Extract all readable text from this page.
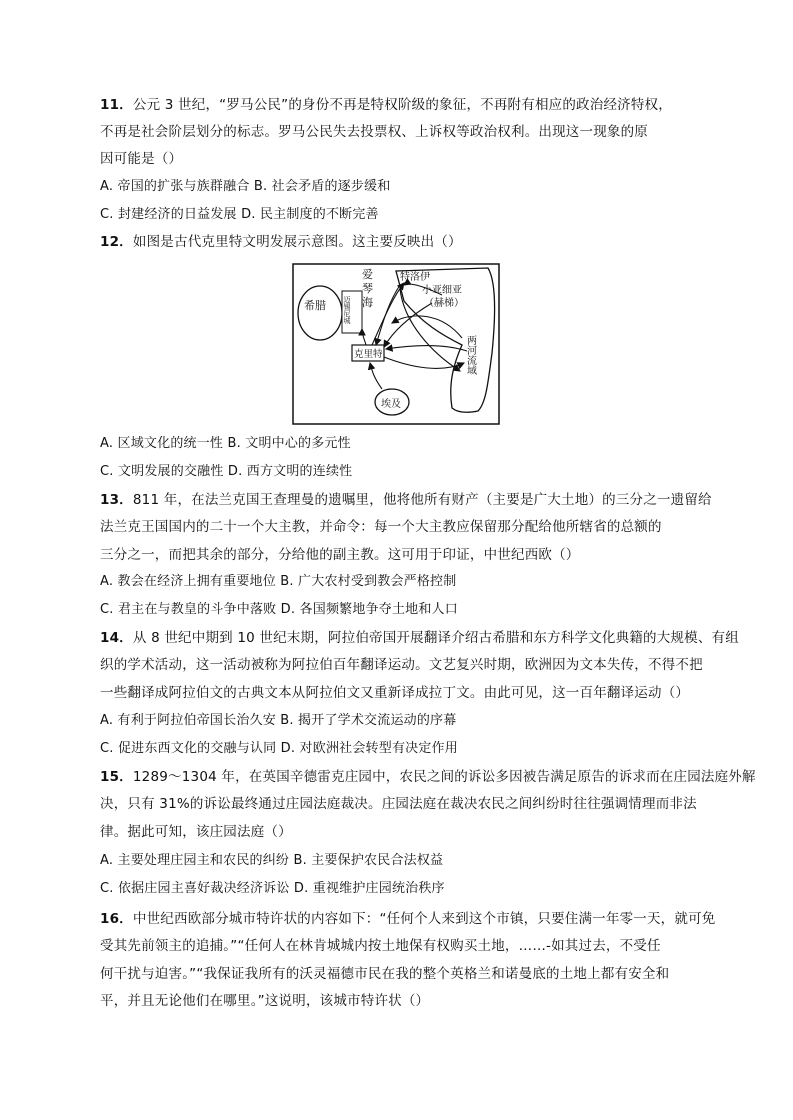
11．公元 3 世纪，“罗马公民”的身份不再是特权阶级的象征，不再附有相应的政治经济特权，
不再是社会阶层划分的标志。罗马公民失去投票权、上诉权等政治权利。出现这一现象的原
因可能是（）
A. 帝国的扩张与族群融合 B. 社会矛盾的逐步缓和
C. 封建经济的日益发展 D. 民主制度的不断完善
12．如图是古代克里特文明发展示意图。这主要反映出（）
希腊 迈锡尼城
爱
琴
海
特洛伊
小亚细亚
（赫梯）
两河流域
克里特
埃及
A. 区域文化的统一性 B. 文明中心的多元性
C. 文明发展的交融性 D. 西方文明的连续性
13．811 年，在法兰克国王查理曼的遗嘱里，他将他所有财产（主要是广大土地）的三分之一遗留给
法兰克王国国内的二十一个大主教，并命令：每一个大主教应保留那分配给他所辖省的总额的
三分之一，而把其余的部分，分给他的副主教。这可用于印证，中世纪西欧（）
A. 教会在经济上拥有重要地位 B. 广大农村受到教会严格控制
C. 君主在与教皇的斗争中落败 D. 各国频繁地争夺土地和人口
14．从 8 世纪中期到 10 世纪末期，阿拉伯帝国开展翻译介绍古希腊和东方科学文化典籍的大规模、有组
织的学术活动，这一活动被称为阿拉伯百年翻译运动。文艺复兴时期，欧洲因为文本失传，不得不把
一些翻译成阿拉伯文的古典文本从阿拉伯文又重新译成拉丁文。由此可见，这一百年翻译运动（）
A. 有利于阿拉伯帝国长治久安 B. 揭开了学术交流运动的序幕
C. 促进东西文化的交融与认同 D. 对欧洲社会转型有决定作用
15．1289～1304 年，在英国辛德雷克庄园中，农民之间的诉讼多因被告满足原告的诉求而在庄园法庭外解
决，只有 31%的诉讼最终通过庄园法庭裁决。庄园法庭在裁决农民之间纠纷时往往强调情理而非法
律。据此可知，该庄园法庭（）
A. 主要处理庄园主和农民的纠纷 B. 主要保护农民合法权益
C. 依据庄园主喜好裁决经济诉讼 D. 重视维护庄园统治秩序
16．中世纪西欧部分城市特许状的内容如下：“任何个人来到这个市镇，只要住满一年零一天，就可免
受其先前领主的追捕。”“任何人在林肯城城内按土地保有权购买土地，……-如其过去，不受任
何干扰与迫害。”“我保证我所有的沃灵福德市民在我的整个英格兰和诺曼底的土地上都有安全和
平，并且无论他们在哪里。”这说明，该城市特许状（）
